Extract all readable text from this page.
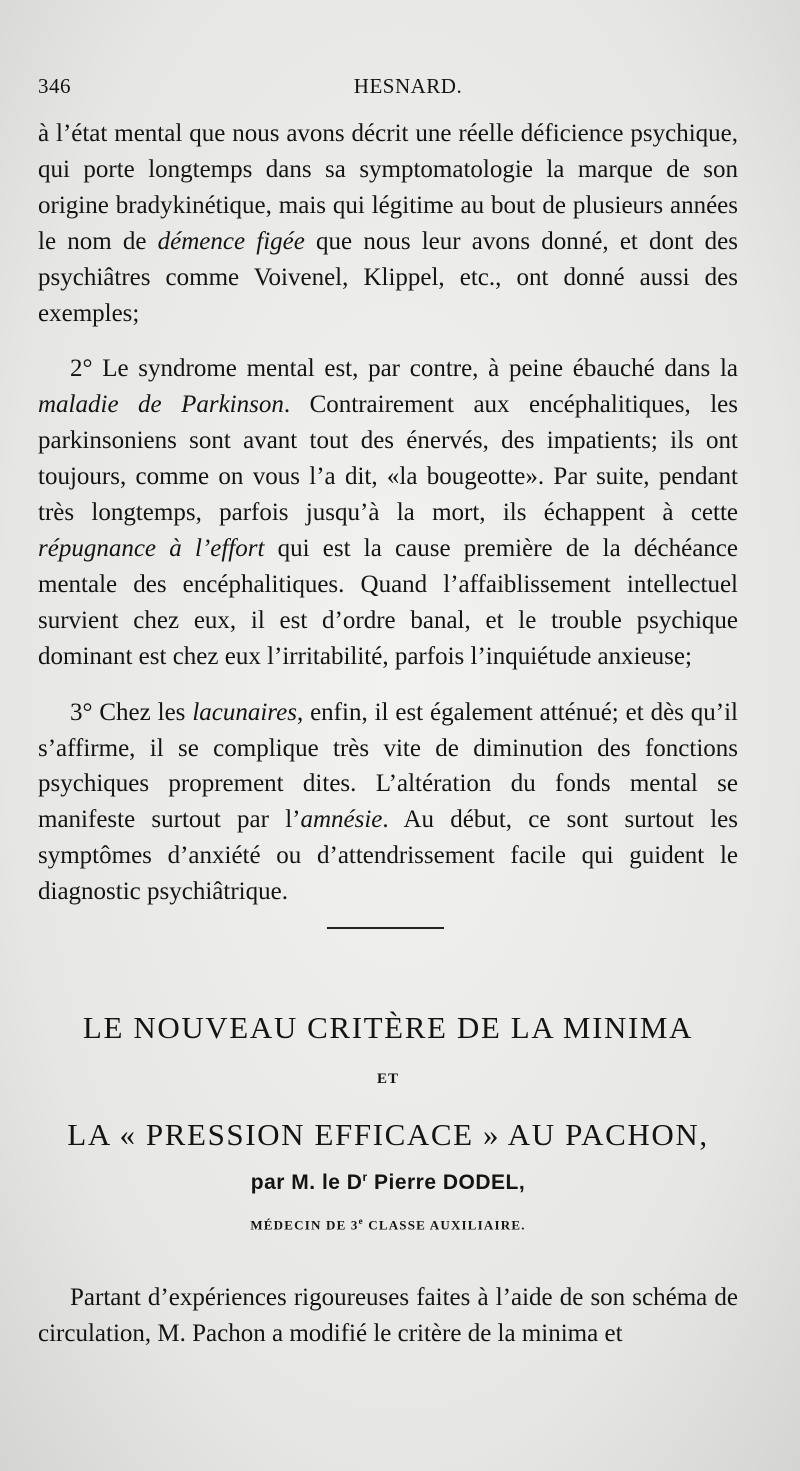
346	HESNARD.

à l’état mental que nous avons décrit une réelle déficience psychique, qui porte longtemps dans sa symptomatologie la marque de son origine bradykinétique, mais qui légitime au bout de plusieurs années le nom de démence figée que nous leur avons donné, et dont des psychiâtres comme Voivenel, Klippel, etc., ont donné aussi des exemples;

2° Le syndrome mental est, par contre, à peine ébauché dans la maladie de Parkinson. Contrairement aux encéphalitiques, les parkinsoniens sont avant tout des énervés, des impatients; ils ont toujours, comme on vous l’a dit, «la bougeotte». Par suite, pendant très longtemps, parfois jusqu’à la mort, ils échappent à cette répugnance à l’effort qui est la cause première de la déchéance mentale des encéphalitiques. Quand l’affaiblissement intellectuel survient chez eux, il est d’ordre banal, et le trouble psychique dominant est chez eux l’irritabilité, parfois l’inquiétude anxieuse;

3° Chez les lacunaires, enfin, il est également atténué; et dès qu’il s’affirme, il se complique très vite de diminution des fonctions psychiques proprement dites. L’altération du fonds mental se manifeste surtout par l’amnésie. Au début, ce sont surtout les symptômes d’anxiété ou d’attendrissement facile qui guident le diagnostic psychiâtrique.

LE NOUVEAU CRITÈRE DE LA MINIMA
ET
LA « PRESSION EFFICACE » AU PACHON,
par M. le $D^r$ Pierre DODEL,
MÉDECIN DE 3e CLASSE AUXILIAIRE.

Partant d’expériences rigoureuses faites à l’aide de son schéma de circulation, M. Pachon a modifié le critère de la minima et
